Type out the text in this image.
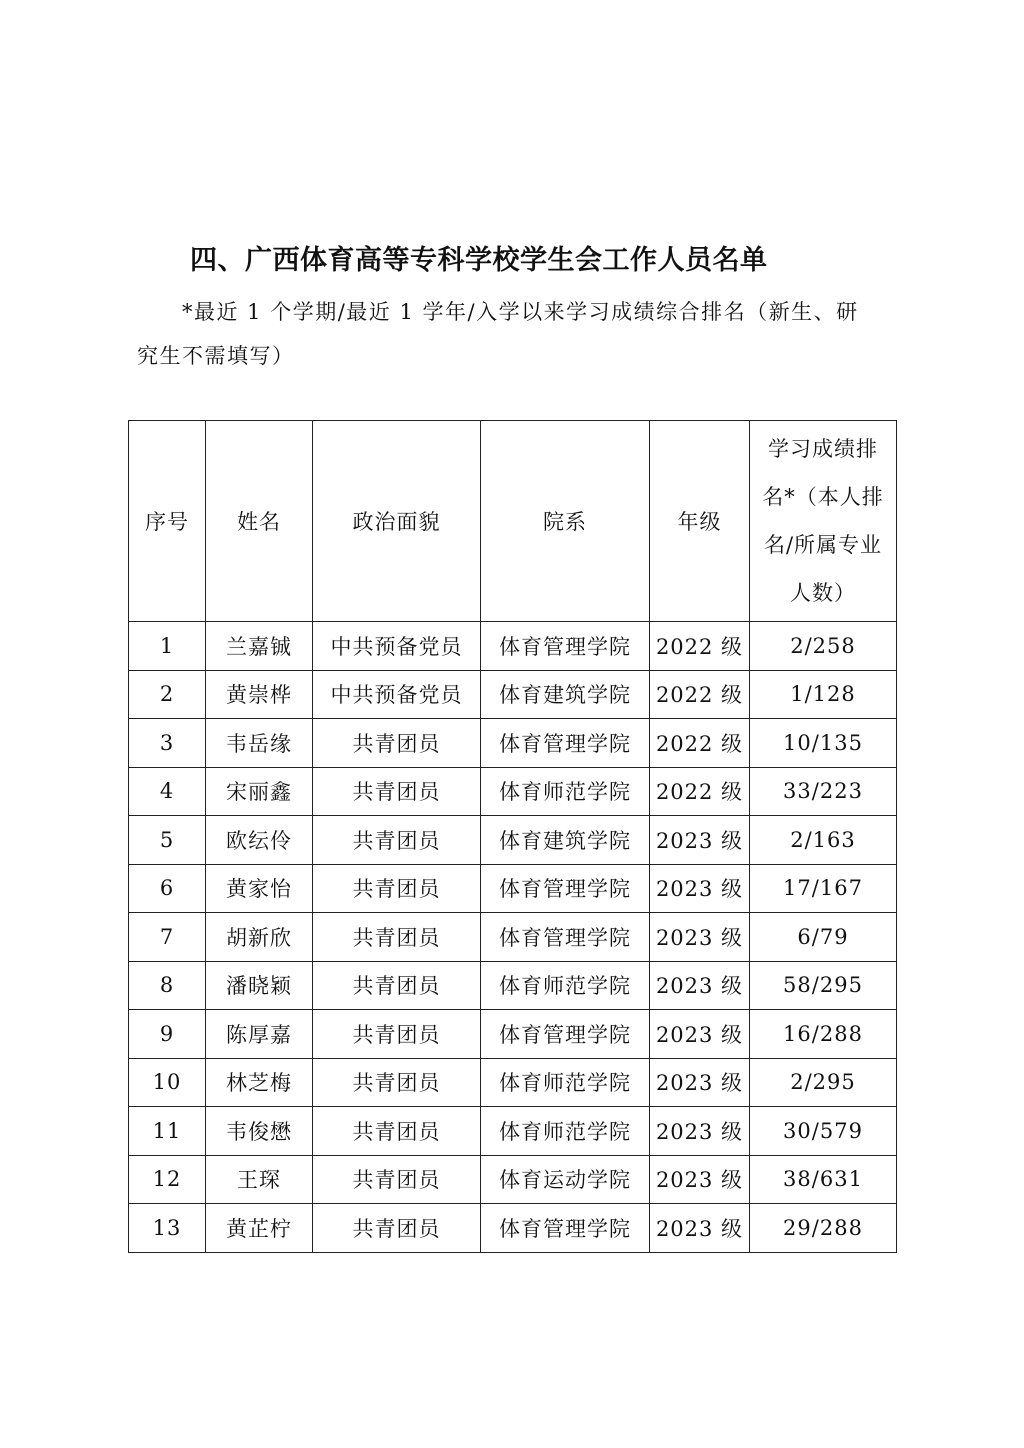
四、广西体育高等专科学校学生会工作人员名单
*最近 1 个学期/最近 1 学年/入学以来学习成绩综合排名（新生、研究生不需填写）
序号	姓名	政治面貌	院系	年级	学习成绩排名*（本人排名/所属专业人数）
1	兰嘉铖	中共预备党员	体育管理学院	2022 级	2/258
2	黄崇桦	中共预备党员	体育建筑学院	2022 级	1/128
3	韦岳缘	共青团员	体育管理学院	2022 级	10/135
4	宋丽鑫	共青团员	体育师范学院	2022 级	33/223
5	欧纭伶	共青团员	体育建筑学院	2023 级	2/163
6	黄家怡	共青团员	体育管理学院	2023 级	17/167
7	胡新欣	共青团员	体育管理学院	2023 级	6/79
8	潘晓颖	共青团员	体育师范学院	2023 级	58/295
9	陈厚嘉	共青团员	体育管理学院	2023 级	16/288
10	林芝梅	共青团员	体育师范学院	2023 级	2/295
11	韦俊懋	共青团员	体育师范学院	2023 级	30/579
12	王琛	共青团员	体育运动学院	2023 级	38/631
13	黄芷柠	共青团员	体育管理学院	2023 级	29/288
